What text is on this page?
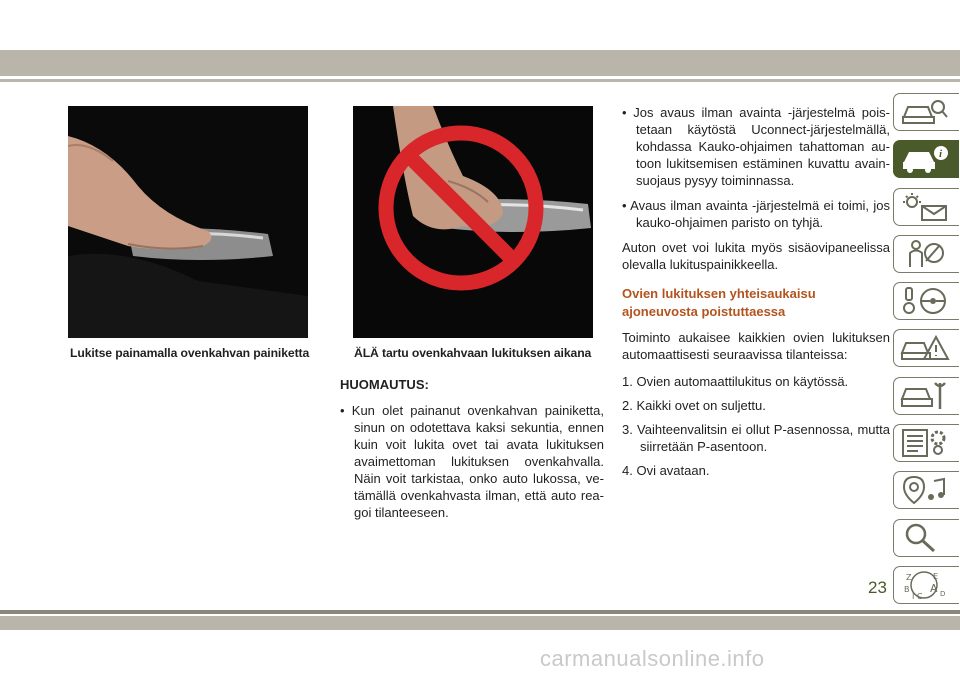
Lukitse painamalla ovenkahvan painiketta	ÄLÄ tartu ovenkahvaan lukituksen aikana

HUOMAUTUS:

• Kun olet painanut ovenkahvan painiketta, sinun on odotettava kaksi sekuntia, ennen kuin voit lukita ovet tai avata lukituksen avaimettoman lukituksen ovenkahvalla. Näin voit tarkistaa, onko auto lukossa, vetämällä ovenkahvasta ilman, että auto reagoi tilanteeseen.

• Jos avaus ilman avainta -järjestelmä poistetaan käytöstä Uconnect-järjestelmällä, kohdassa Kauko-ohjaimen tahattoman autoon lukitsemisen estäminen kuvattu avainsuojaus pysyy toiminnassa.

• Avaus ilman avainta -järjestelmä ei toimi, jos kauko-ohjaimen paristo on tyhjä.

Auton ovet voi lukita myös sisäovipaneelissa olevalla lukituspainikkeella.

Ovien lukituksen yhteisaukaisu
ajoneuvosta poistuttaessa

Toiminto aukaisee kaikkien ovien lukituksen automaattisesti seuraavissa tilanteissa:

1. Ovien automaattilukitus on käytössä.

2. Kaikki ovet on suljettu.

3. Vaihteenvalitsin ei ollut P-asennossa, mutta siirretään P-asentoon.

4. Ovi avataan.

i
Z	E
B A
I C	D
23
carmanualsonline.info
